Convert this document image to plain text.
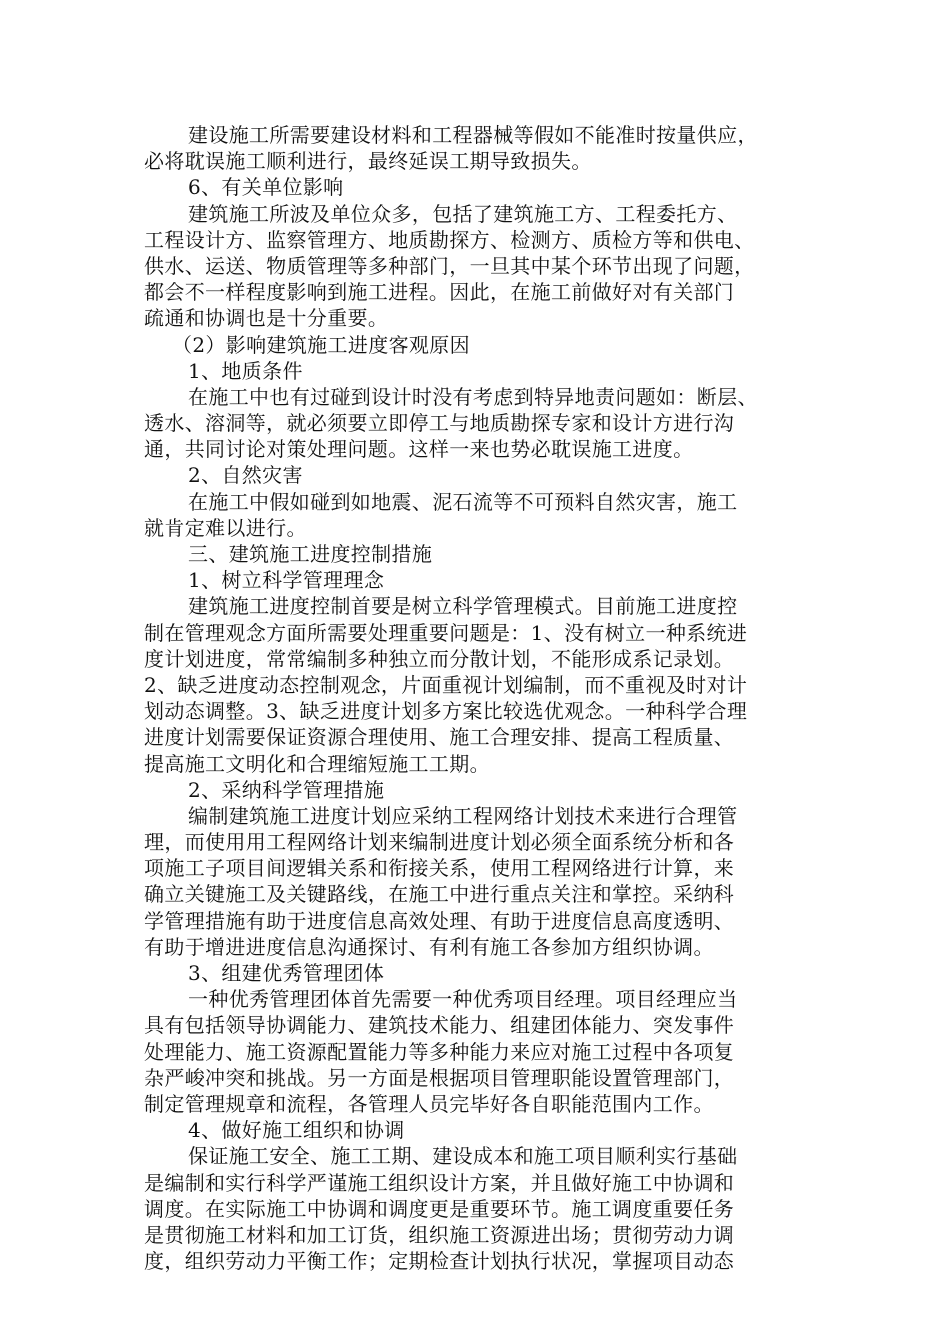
建设施工所需要建设材料和工程器械等假如不能准时按量供应，
必将耽误施工顺利进行，最终延误工期导致损失。
6、有关单位影响
建筑施工所波及单位众多，包括了建筑施工方、工程委托方、
工程设计方、监察管理方、地质勘探方、检测方、质检方等和供电、
供水、运送、物质管理等多种部门，一旦其中某个环节出现了问题，
都会不一样程度影响到施工进程。因此，在施工前做好对有关部门
疏通和协调也是十分重要。
（2）影响建筑施工进度客观原因
1、地质条件
在施工中也有过碰到设计时没有考虑到特异地责问题如：断层、
透水、溶洞等，就必须要立即停工与地质勘探专家和设计方进行沟
通，共同讨论对策处理问题。这样一来也势必耽误施工进度。
2、自然灾害
在施工中假如碰到如地震、泥石流等不可预料自然灾害，施工
就肯定难以进行。
三、建筑施工进度控制措施
1、树立科学管理理念
建筑施工进度控制首要是树立科学管理模式。目前施工进度控
制在管理观念方面所需要处理重要问题是：1、没有树立一种系统进
度计划进度，常常编制多种独立而分散计划，不能形成系记录划。
2、缺乏进度动态控制观念，片面重视计划编制，而不重视及时对计
划动态调整。3、缺乏进度计划多方案比较选优观念。一种科学合理
进度计划需要保证资源合理使用、施工合理安排、提高工程质量、
提高施工文明化和合理缩短施工工期。
2、采纳科学管理措施
编制建筑施工进度计划应采纳工程网络计划技术来进行合理管
理，而使用用工程网络计划来编制进度计划必须全面系统分析和各
项施工子项目间逻辑关系和衔接关系，使用工程网络进行计算，来
确立关键施工及关键路线，在施工中进行重点关注和掌控。采纳科
学管理措施有助于进度信息高效处理、有助于进度信息高度透明、
有助于增进进度信息沟通探讨、有利有施工各参加方组织协调。
3、组建优秀管理团体
一种优秀管理团体首先需要一种优秀项目经理。项目经理应当
具有包括领导协调能力、建筑技术能力、组建团体能力、突发事件
处理能力、施工资源配置能力等多种能力来应对施工过程中各项复
杂严峻冲突和挑战。另一方面是根据项目管理职能设置管理部门，
制定管理规章和流程，各管理人员完毕好各自职能范围内工作。
4、做好施工组织和协调
保证施工安全、施工工期、建设成本和施工项目顺利实行基础
是编制和实行科学严谨施工组织设计方案，并且做好施工中协调和
调度。在实际施工中协调和调度更是重要环节。施工调度重要任务
是贯彻施工材料和加工订货，组织施工资源进出场；贯彻劳动力调
度，组织劳动力平衡工作；定期检查计划执行状况，掌握项目动态
